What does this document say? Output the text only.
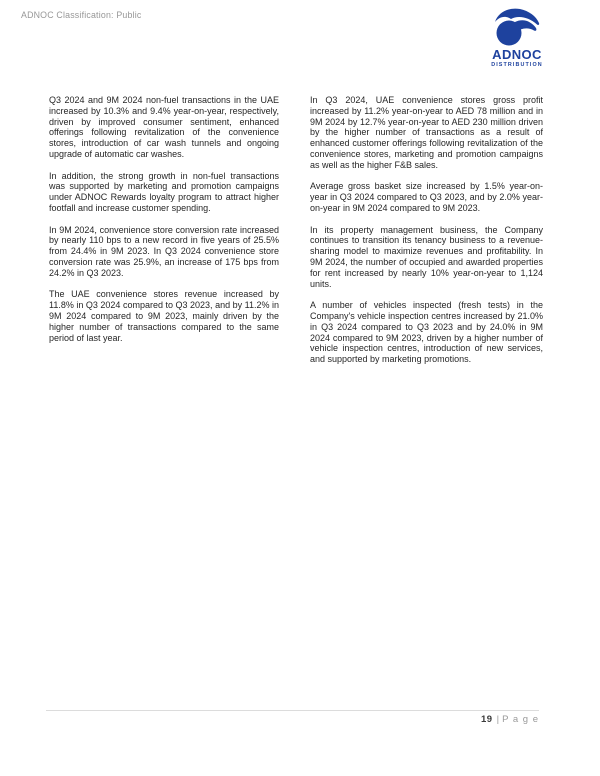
ADNOC Classification: Public
ADNOC
DISTRIBUTION

Q3 2024 and 9M 2024 non-fuel transactions in the UAE increased by 10.3% and 9.4% year-on-year, respectively, driven by improved consumer sentiment, enhanced offerings following revitalization of the convenience stores, introduction of car wash tunnels and ongoing upgrade of automatic car washes.

In addition, the strong growth in non-fuel transactions was supported by marketing and promotion campaigns under ADNOC Rewards loyalty program to attract higher footfall and increase customer spending.

In 9M 2024, convenience store conversion rate increased by nearly 110 bps to a new record in five years of 25.5% from 24.4% in 9M 2023. In Q3 2024 convenience store conversion rate was 25.9%, an increase of 175 bps from 24.2% in Q3 2023.

The UAE convenience stores revenue increased by 11.8% in Q3 2024 compared to Q3 2023, and by 11.2% in 9M 2024 compared to 9M 2023, mainly driven by the higher number of transactions compared to the same period of last year.

In Q3 2024, UAE convenience stores gross profit increased by 11.2% year-on-year to AED 78 million and in 9M 2024 by 12.7% year-on-year to AED 230 million driven by the higher number of transactions as a result of enhanced customer offerings following revitalization of the convenience stores, marketing and promotion campaigns as well as the higher F&B sales.

Average gross basket size increased by 1.5% year-on-year in Q3 2024 compared to Q3 2023, and by 2.0% year-on-year in 9M 2024 compared to 9M 2023.

In its property management business, the Company continues to transition its tenancy business to a revenue-sharing model to maximize revenues and profitability. In 9M 2024, the number of occupied and awarded properties for rent increased by nearly 10% year-on-year to 1,124 units.

A number of vehicles inspected (fresh tests) in the Company's vehicle inspection centres increased by 21.0% in Q3 2024 compared to Q3 2023 and by 24.0% in 9M 2024 compared to 9M 2023, driven by a higher number of vehicle inspection centres, introduction of new services, and supported by marketing promotions.

19 | P a g e
